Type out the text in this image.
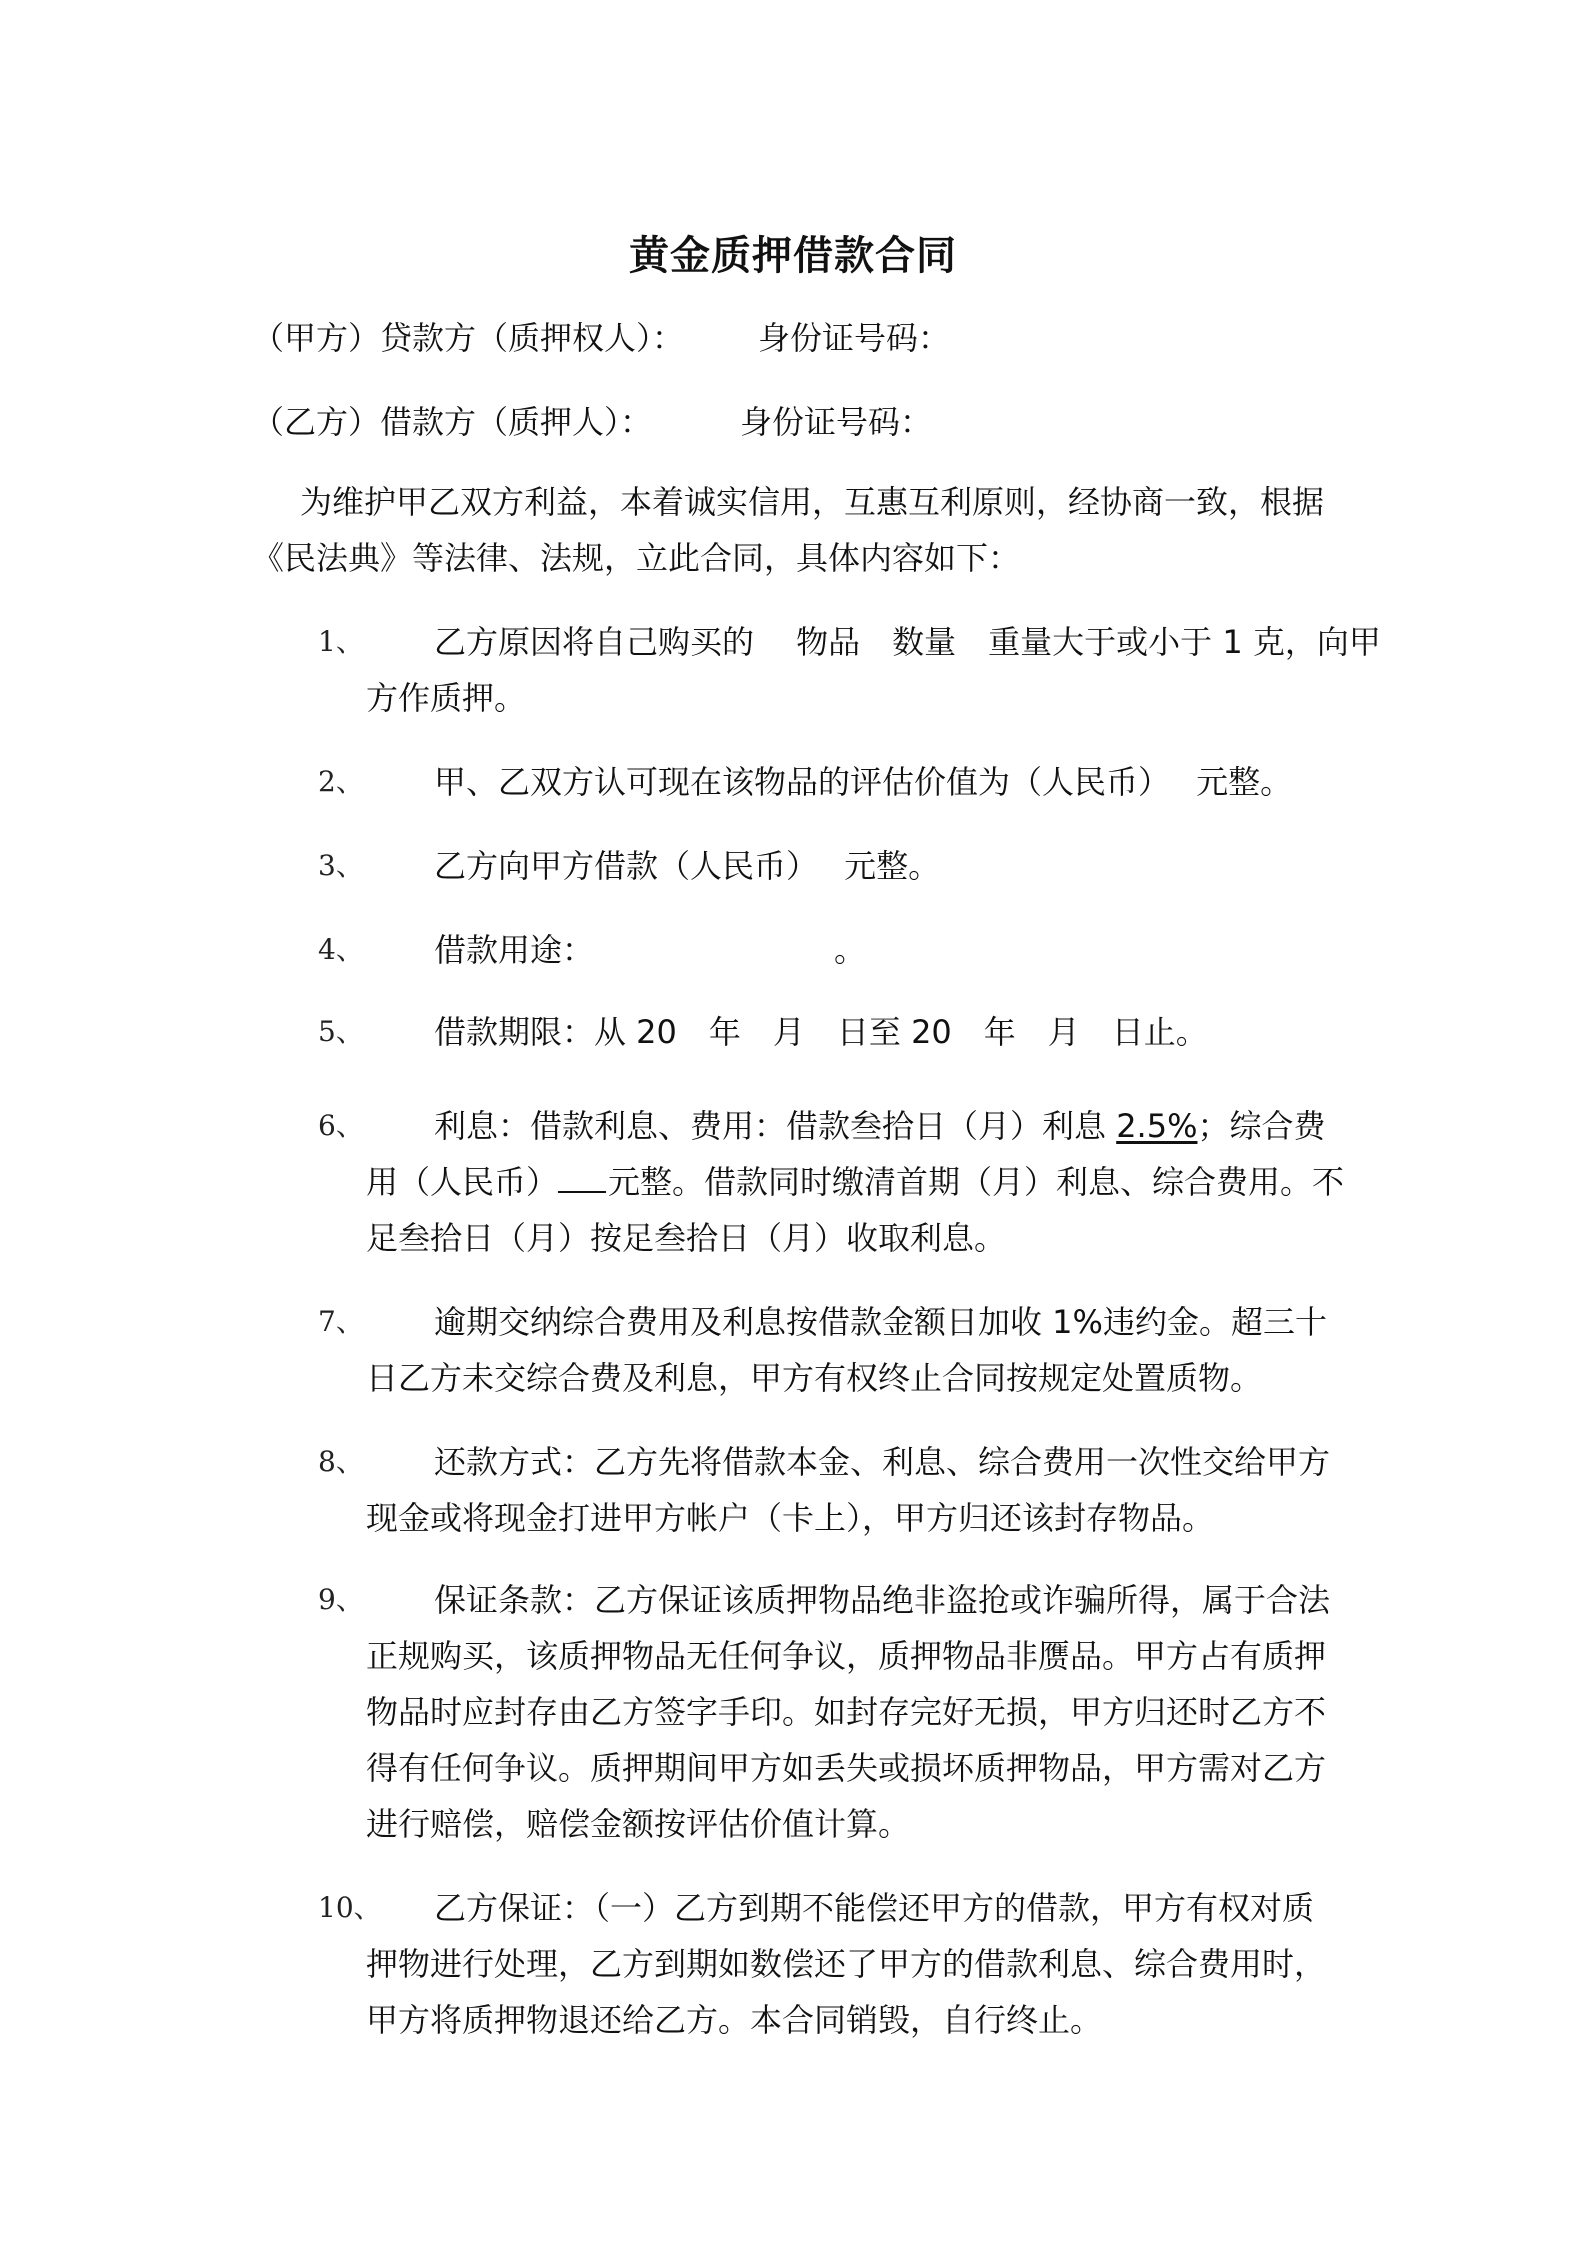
黄金质押借款合同
（甲方）贷款方（质押权人）： 身份证号码：
（乙方）借款方（质押人）：	身份证号码：
为维护甲乙双方利益，本着诚实信用，互惠互利原则，经协商一致，根据
《民法典》等法律、法规，立此合同，具体内容如下：
1、	乙方原因将自己购买的　 物品　数量　重量大于或小于 1 克，向甲
方作质押。
2、	甲、乙双方认可现在该物品的评估价值为（人民币）　 元整。
3、	乙方向甲方借款（人民币）　 元整。
4、	借款用途：　　　　　　　　。
5、	借款期限：从 20　年　月　日至 20　年　月　日止。
6、	利息：借款利息、费用：借款叁拾日（月）利息 2.5%；综合费
用（人民币） 元整。借款同时缴清首期（月）利息、综合费用。不
足叁拾日（月）按足叁拾日（月）收取利息。
7、	逾期交纳综合费用及利息按借款金额日加收 1%违约金。超三十
日乙方未交综合费及利息，甲方有权终止合同按规定处置质物。
8、	还款方式：乙方先将借款本金、利息、综合费用一次性交给甲方
现金或将现金打进甲方帐户（卡上），甲方归还该封存物品。
9、	保证条款：乙方保证该质押物品绝非盗抢或诈骗所得，属于合法
正规购买，该质押物品无任何争议，质押物品非赝品。甲方占有质押
物品时应封存由乙方签字手印。如封存完好无损，甲方归还时乙方不
得有任何争议。质押期间甲方如丢失或损坏质押物品，甲方需对乙方
进行赔偿，赔偿金额按评估价值计算。
10、	乙方保证：（一）乙方到期不能偿还甲方的借款，甲方有权对质
押物进行处理，乙方到期如数偿还了甲方的借款利息、综合费用时，
甲方将质押物退还给乙方。本合同销毁，自行终止。
